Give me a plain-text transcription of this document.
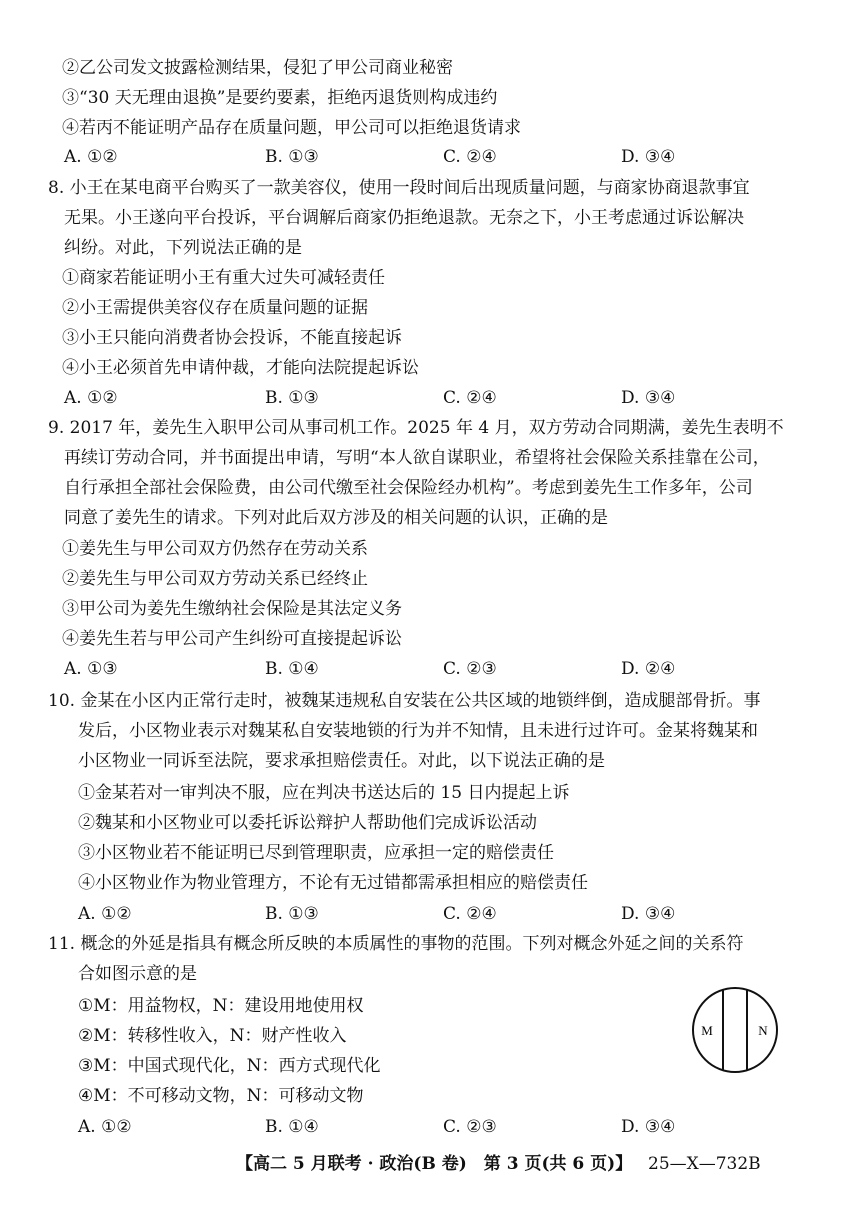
②乙公司发文披露检测结果，侵犯了甲公司商业秘密
③“30 天无理由退换”是要约要素，拒绝丙退货则构成违约
④若丙不能证明产品存在质量问题，甲公司可以拒绝退货请求
A. ①②	B. ①③	C. ②④	D. ③④
8. 小王在某电商平台购买了一款美容仪，使用一段时间后出现质量问题，与商家协商退款事宜
无果。小王遂向平台投诉，平台调解后商家仍拒绝退款。无奈之下，小王考虑通过诉讼解决
纠纷。对此，下列说法正确的是
①商家若能证明小王有重大过失可减轻责任
②小王需提供美容仪存在质量问题的证据
③小王只能向消费者协会投诉，不能直接起诉
④小王必须首先申请仲裁，才能向法院提起诉讼
A. ①②	B. ①③	C. ②④	D. ③④
9. 2017 年，姜先生入职甲公司从事司机工作。2025 年 4 月，双方劳动合同期满，姜先生表明不
再续订劳动合同，并书面提出申请，写明“本人欲自谋职业，希望将社会保险关系挂靠在公司，
自行承担全部社会保险费，由公司代缴至社会保险经办机构”。考虑到姜先生工作多年，公司
同意了姜先生的请求。下列对此后双方涉及的相关问题的认识，正确的是
①姜先生与甲公司双方仍然存在劳动关系
②姜先生与甲公司双方劳动关系已经终止
③甲公司为姜先生缴纳社会保险是其法定义务
④姜先生若与甲公司产生纠纷可直接提起诉讼
A. ①③	B. ①④	C. ②③	D. ②④
10. 金某在小区内正常行走时，被魏某违规私自安装在公共区域的地锁绊倒，造成腿部骨折。事
发后，小区物业表示对魏某私自安装地锁的行为并不知情，且未进行过许可。金某将魏某和
小区物业一同诉至法院，要求承担赔偿责任。对此，以下说法正确的是
①金某若对一审判决不服，应在判决书送达后的 15 日内提起上诉
②魏某和小区物业可以委托诉讼辩护人帮助他们完成诉讼活动
③小区物业若不能证明已尽到管理职责，应承担一定的赔偿责任
④小区物业作为物业管理方，不论有无过错都需承担相应的赔偿责任
A. ①②	B. ①③	C. ②④	D. ③④
11. 概念的外延是指具有概念所反映的本质属性的事物的范围。下列对概念外延之间的关系符
合如图示意的是
①M：用益物权，N：建设用地使用权
②M：转移性收入，N：财产性收入
③M：中国式现代化，N：西方式现代化
④M：不可移动文物，N：可移动文物
A. ①②	B. ①④	C. ②③	D. ③④
M	N
【高二 5 月联考 · 政治(B 卷)　第 3 页(共 6 页)】 25—X—732B
